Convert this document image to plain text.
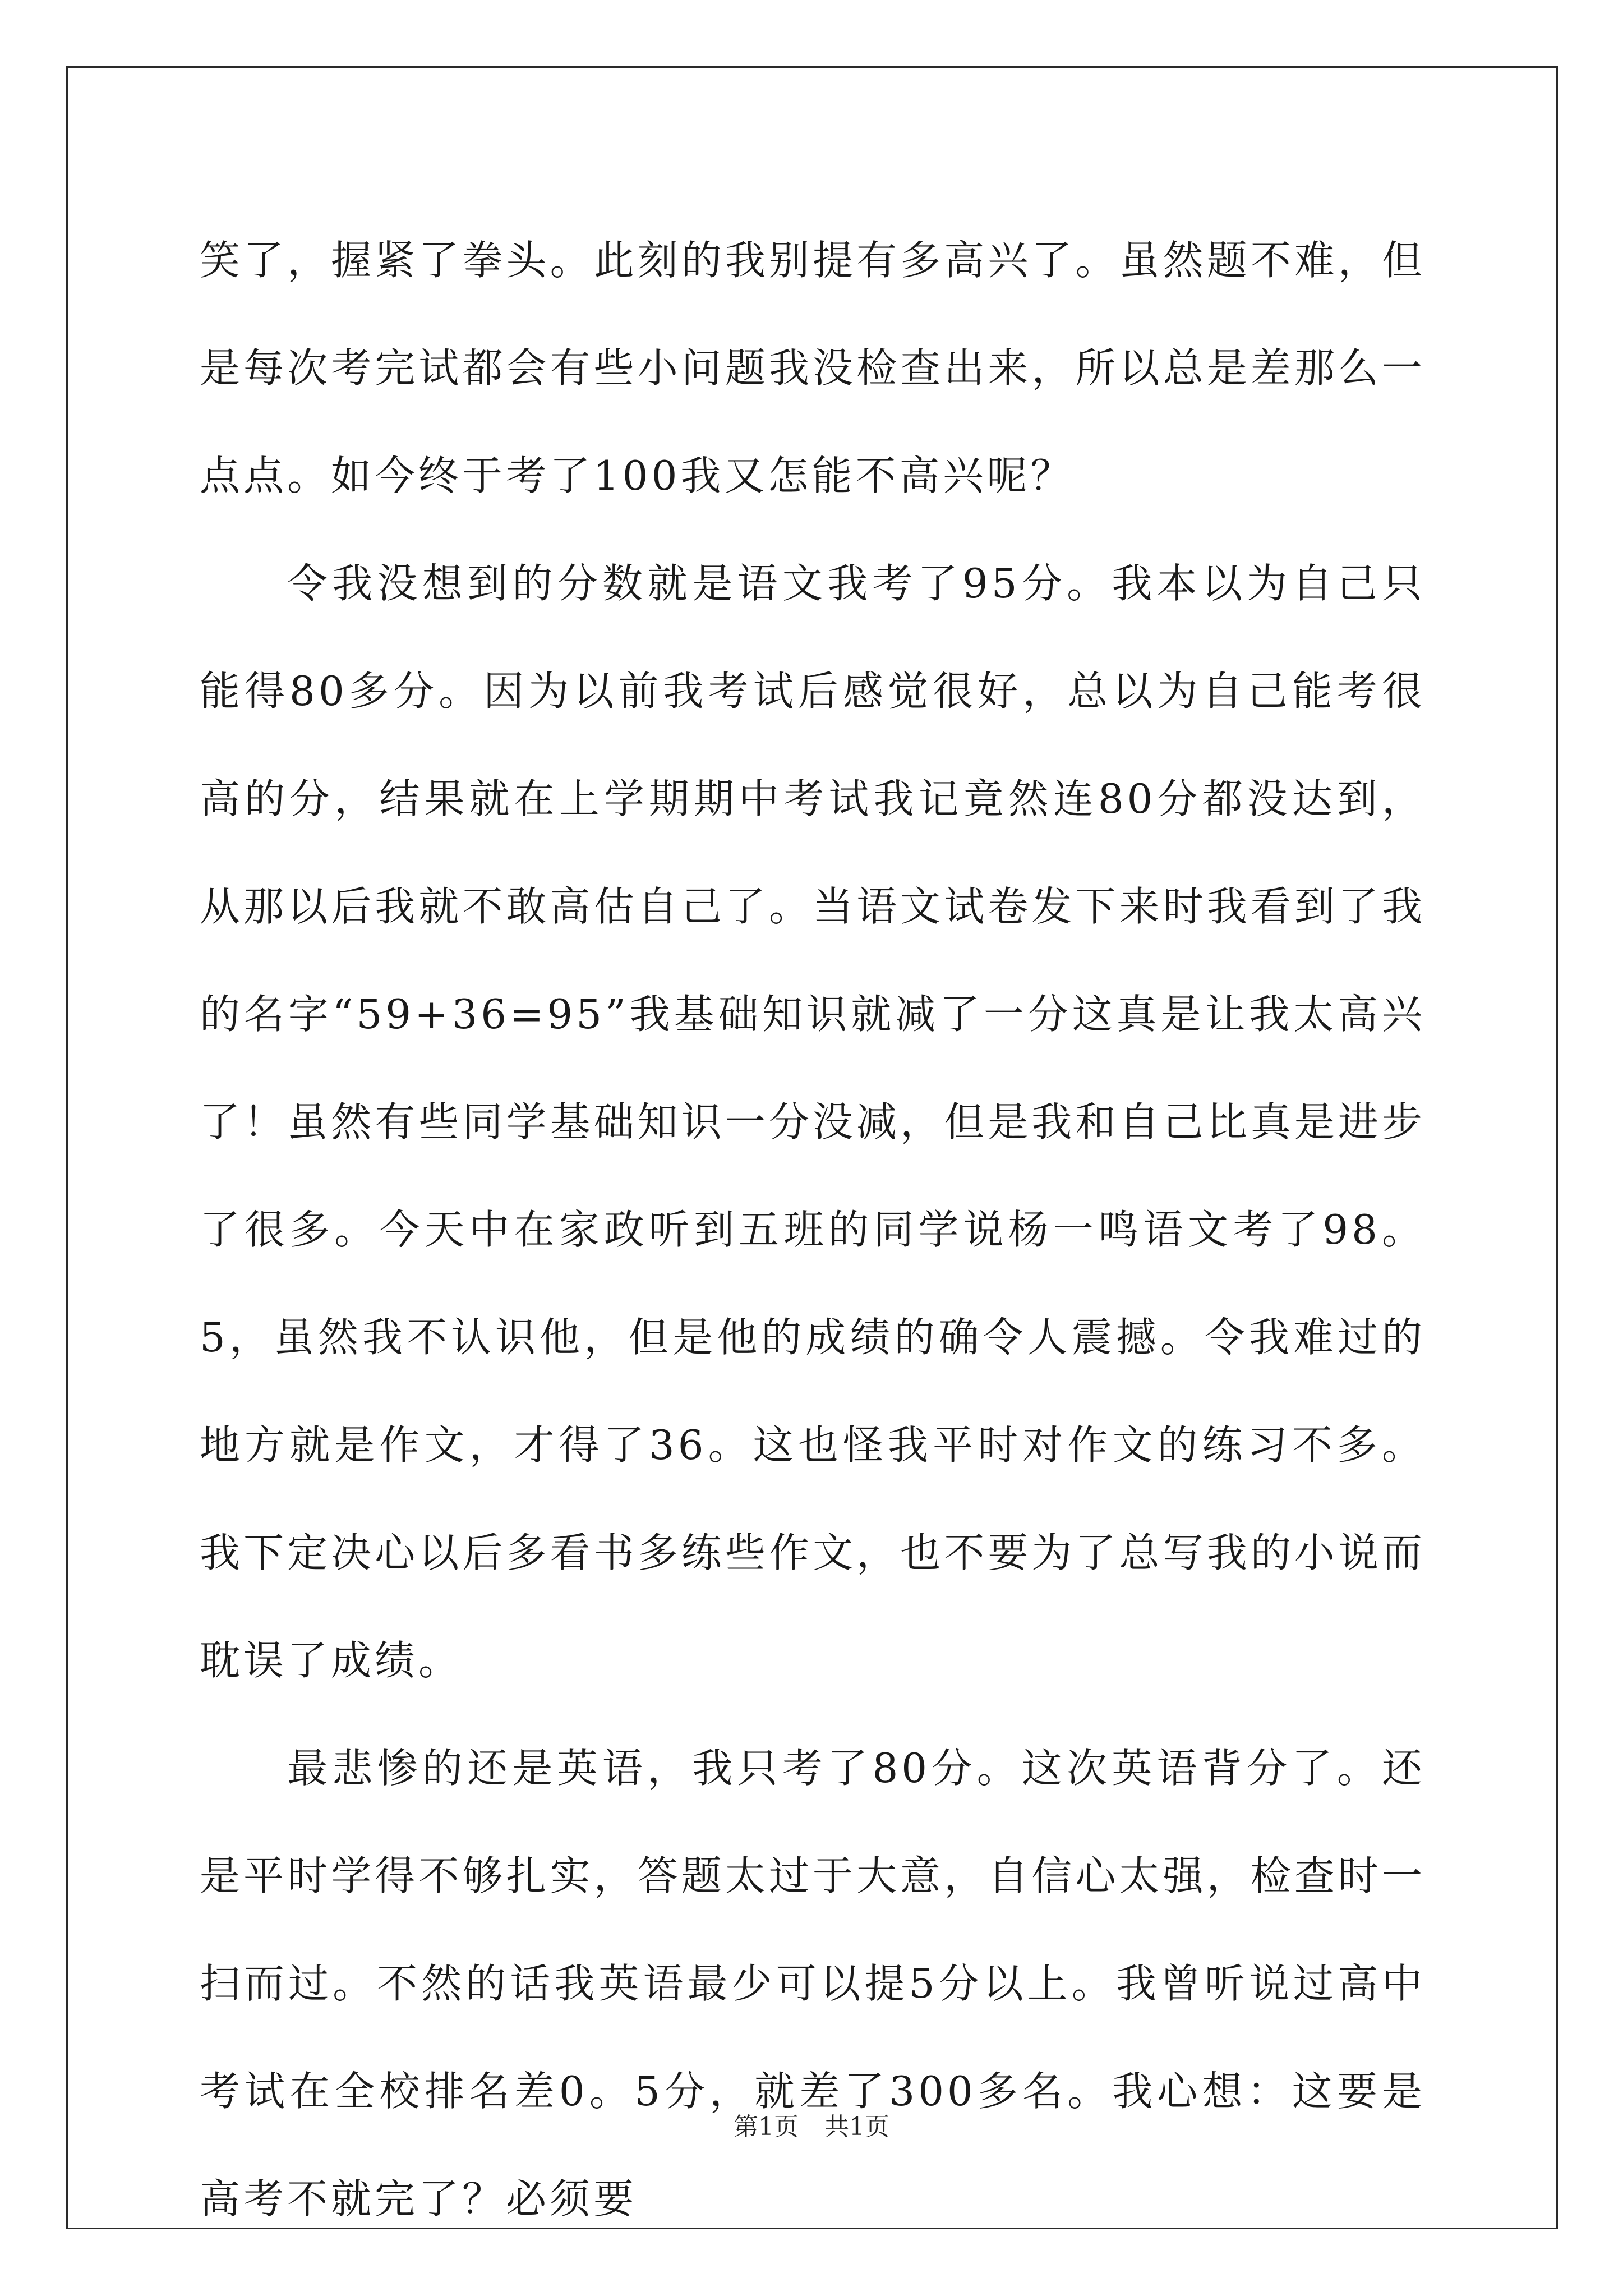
笑了，握紧了拳头。此刻的我别提有多高兴了。虽然题不难，但是每次考完试都会有些小问题我没检查出来，所以总是差那么一点点。如今终于考了100我又怎能不高兴呢？

令我没想到的分数就是语文我考了95分。我本以为自己只能得80多分。因为以前我考试后感觉很好，总以为自己能考很高的分，结果就在上学期期中考试我记竟然连80分都没达到，从那以后我就不敢高估自己了。当语文试卷发下来时我看到了我的名字“59+36=95”我基础知识就减了一分这真是让我太高兴了！虽然有些同学基础知识一分没减，但是我和自己比真是进步了很多。今天中在家政听到五班的同学说杨一鸣语文考了98。5，虽然我不认识他，但是他的成绩的确令人震撼。令我难过的地方就是作文，才得了36。这也怪我平时对作文的练习不多。我下定决心以后多看书多练些作文，也不要为了总写我的小说而耽误了成绩。

最悲惨的还是英语，我只考了80分。这次英语背分了。还是平时学得不够扎实，答题太过于大意，自信心太强，检查时一扫而过。不然的话我英语最少可以提5分以上。我曾听说过高中考试在全校排名差0。5分，就差了300多名。我心想：这要是高考不就完了？必须要

第1页 共1页
